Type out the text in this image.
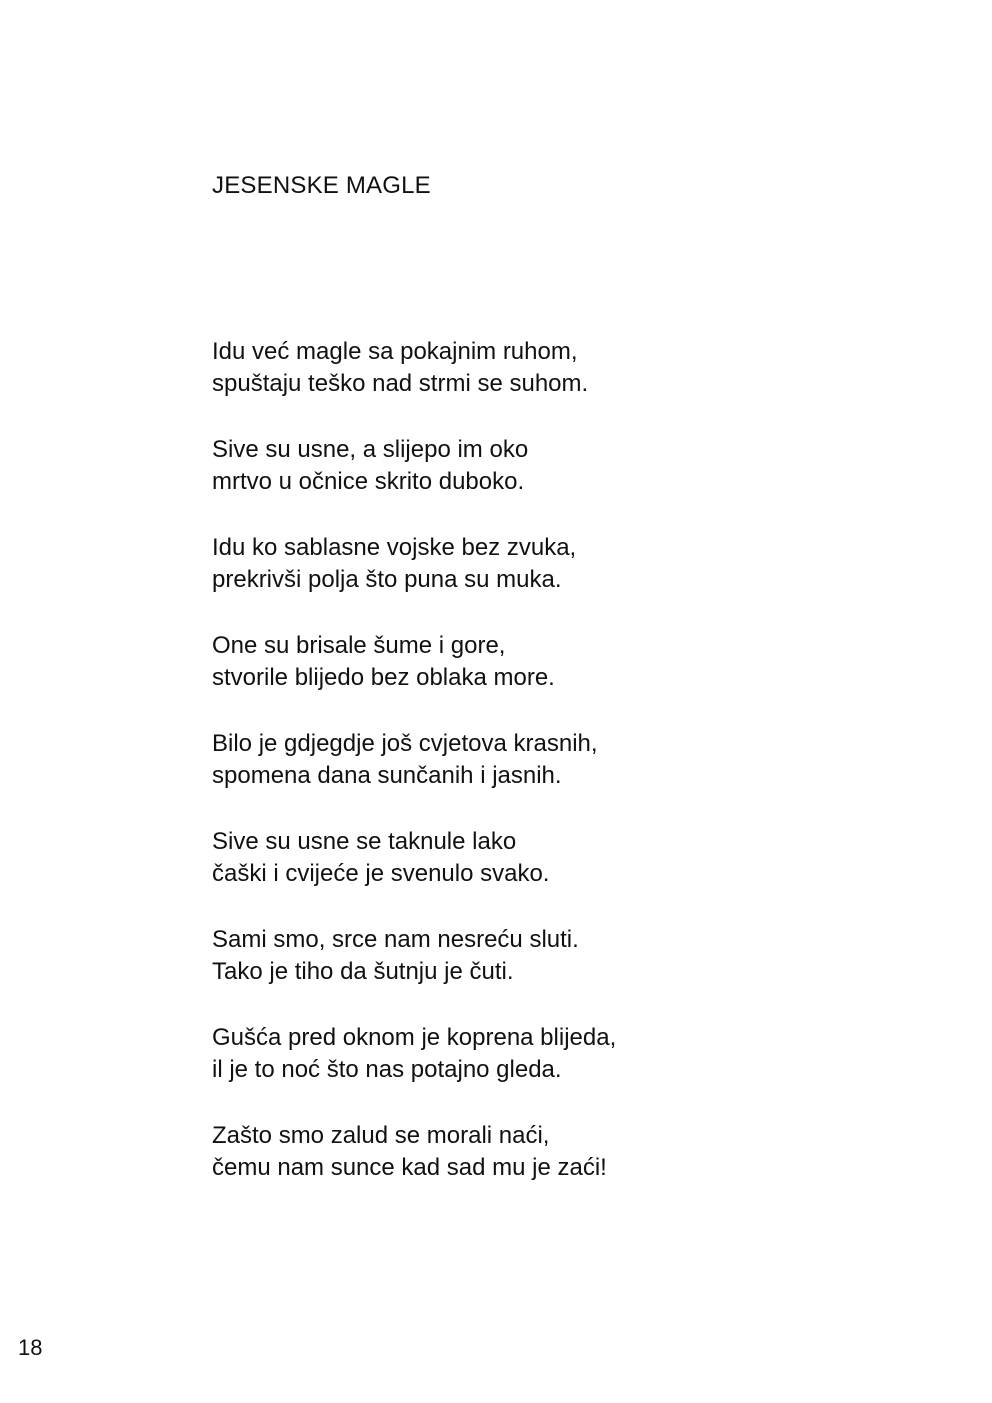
JESENSKE MAGLE
Idu već magle sa pokajnim ruhom,
spuštaju teško nad strmi se suhom.
Sive su usne, a slijepo im oko
mrtvo u očnice skrito duboko.
Idu ko sablasne vojske bez zvuka,
prekrivši polja što puna su muka.
One su brisale šume i gore,
stvorile blijedo bez oblaka more.
Bilo je gdjegdje još cvjetova krasnih,
spomena dana sunčanih i jasnih.
Sive su usne se taknule lako
čaški i cvijeće je svenulo svako.
Sami smo, srce nam nesreću sluti.
Tako je tiho da šutnju je čuti.
Gušća pred oknom je koprena blijeda,
il je to noć što nas potajno gleda.
Zašto smo zalud se morali naći,
čemu nam sunce kad sad mu je zaći!
18
